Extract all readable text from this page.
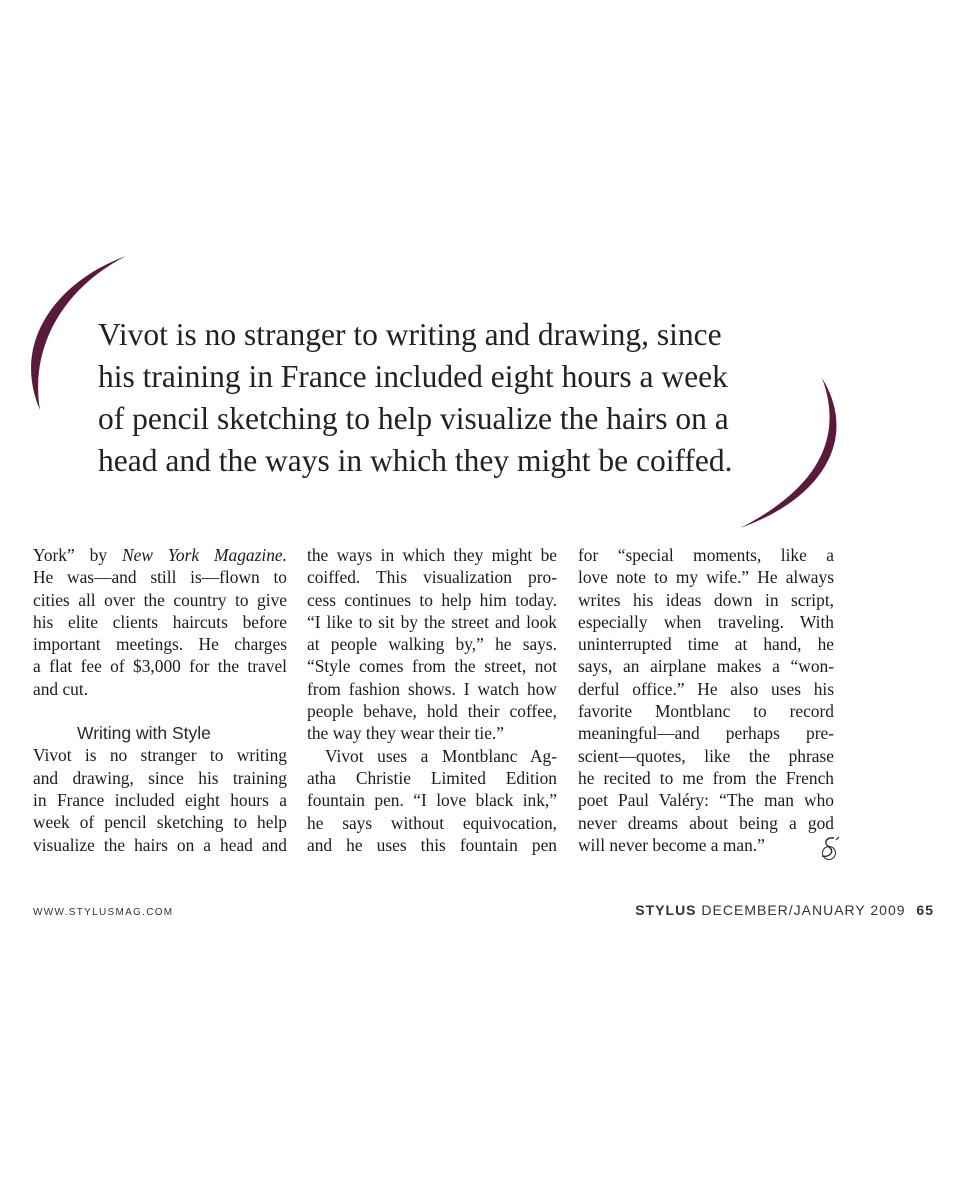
Vivot is no stranger to writing and drawing, since
his training in France included eight hours a week
of pencil sketching to help visualize the hairs on a
head and the ways in which they might be coiffed.

York” by New York Magazine.
He was—and still is—flown to
cities all over the country to give
his elite clients haircuts before
important meetings. He charges
a flat fee of $3,000 for the travel
and cut.
Writing with Style
Vivot is no stranger to writing
and drawing, since his training
in France included eight hours a
week of pencil sketching to help
visualize the hairs on a head and
the ways in which they might be
coiffed. This visualization pro-
cess continues to help him today.
“I like to sit by the street and look
at people walking by,” he says.
“Style comes from the street, not
from fashion shows. I watch how
people behave, hold their coffee,
the way they wear their tie.”
Vivot uses a Montblanc Ag-
atha Christie Limited Edition
fountain pen. “I love black ink,”
he says without equivocation,
and he uses this fountain pen
for “special moments, like a
love note to my wife.” He always
writes his ideas down in script,
especially when traveling. With
uninterrupted time at hand, he
says, an airplane makes a “won-
derful office.” He also uses his
favorite Montblanc to record
meaningful—and perhaps pre-
scient—quotes, like the phrase
he recited to me from the French
poet Paul Valéry: “The man who
never dreams about being a god
will never become a man.”
WWW.STYLUSMAG.COM	STYLUS DECEMBER/JANUARY 2009 65
